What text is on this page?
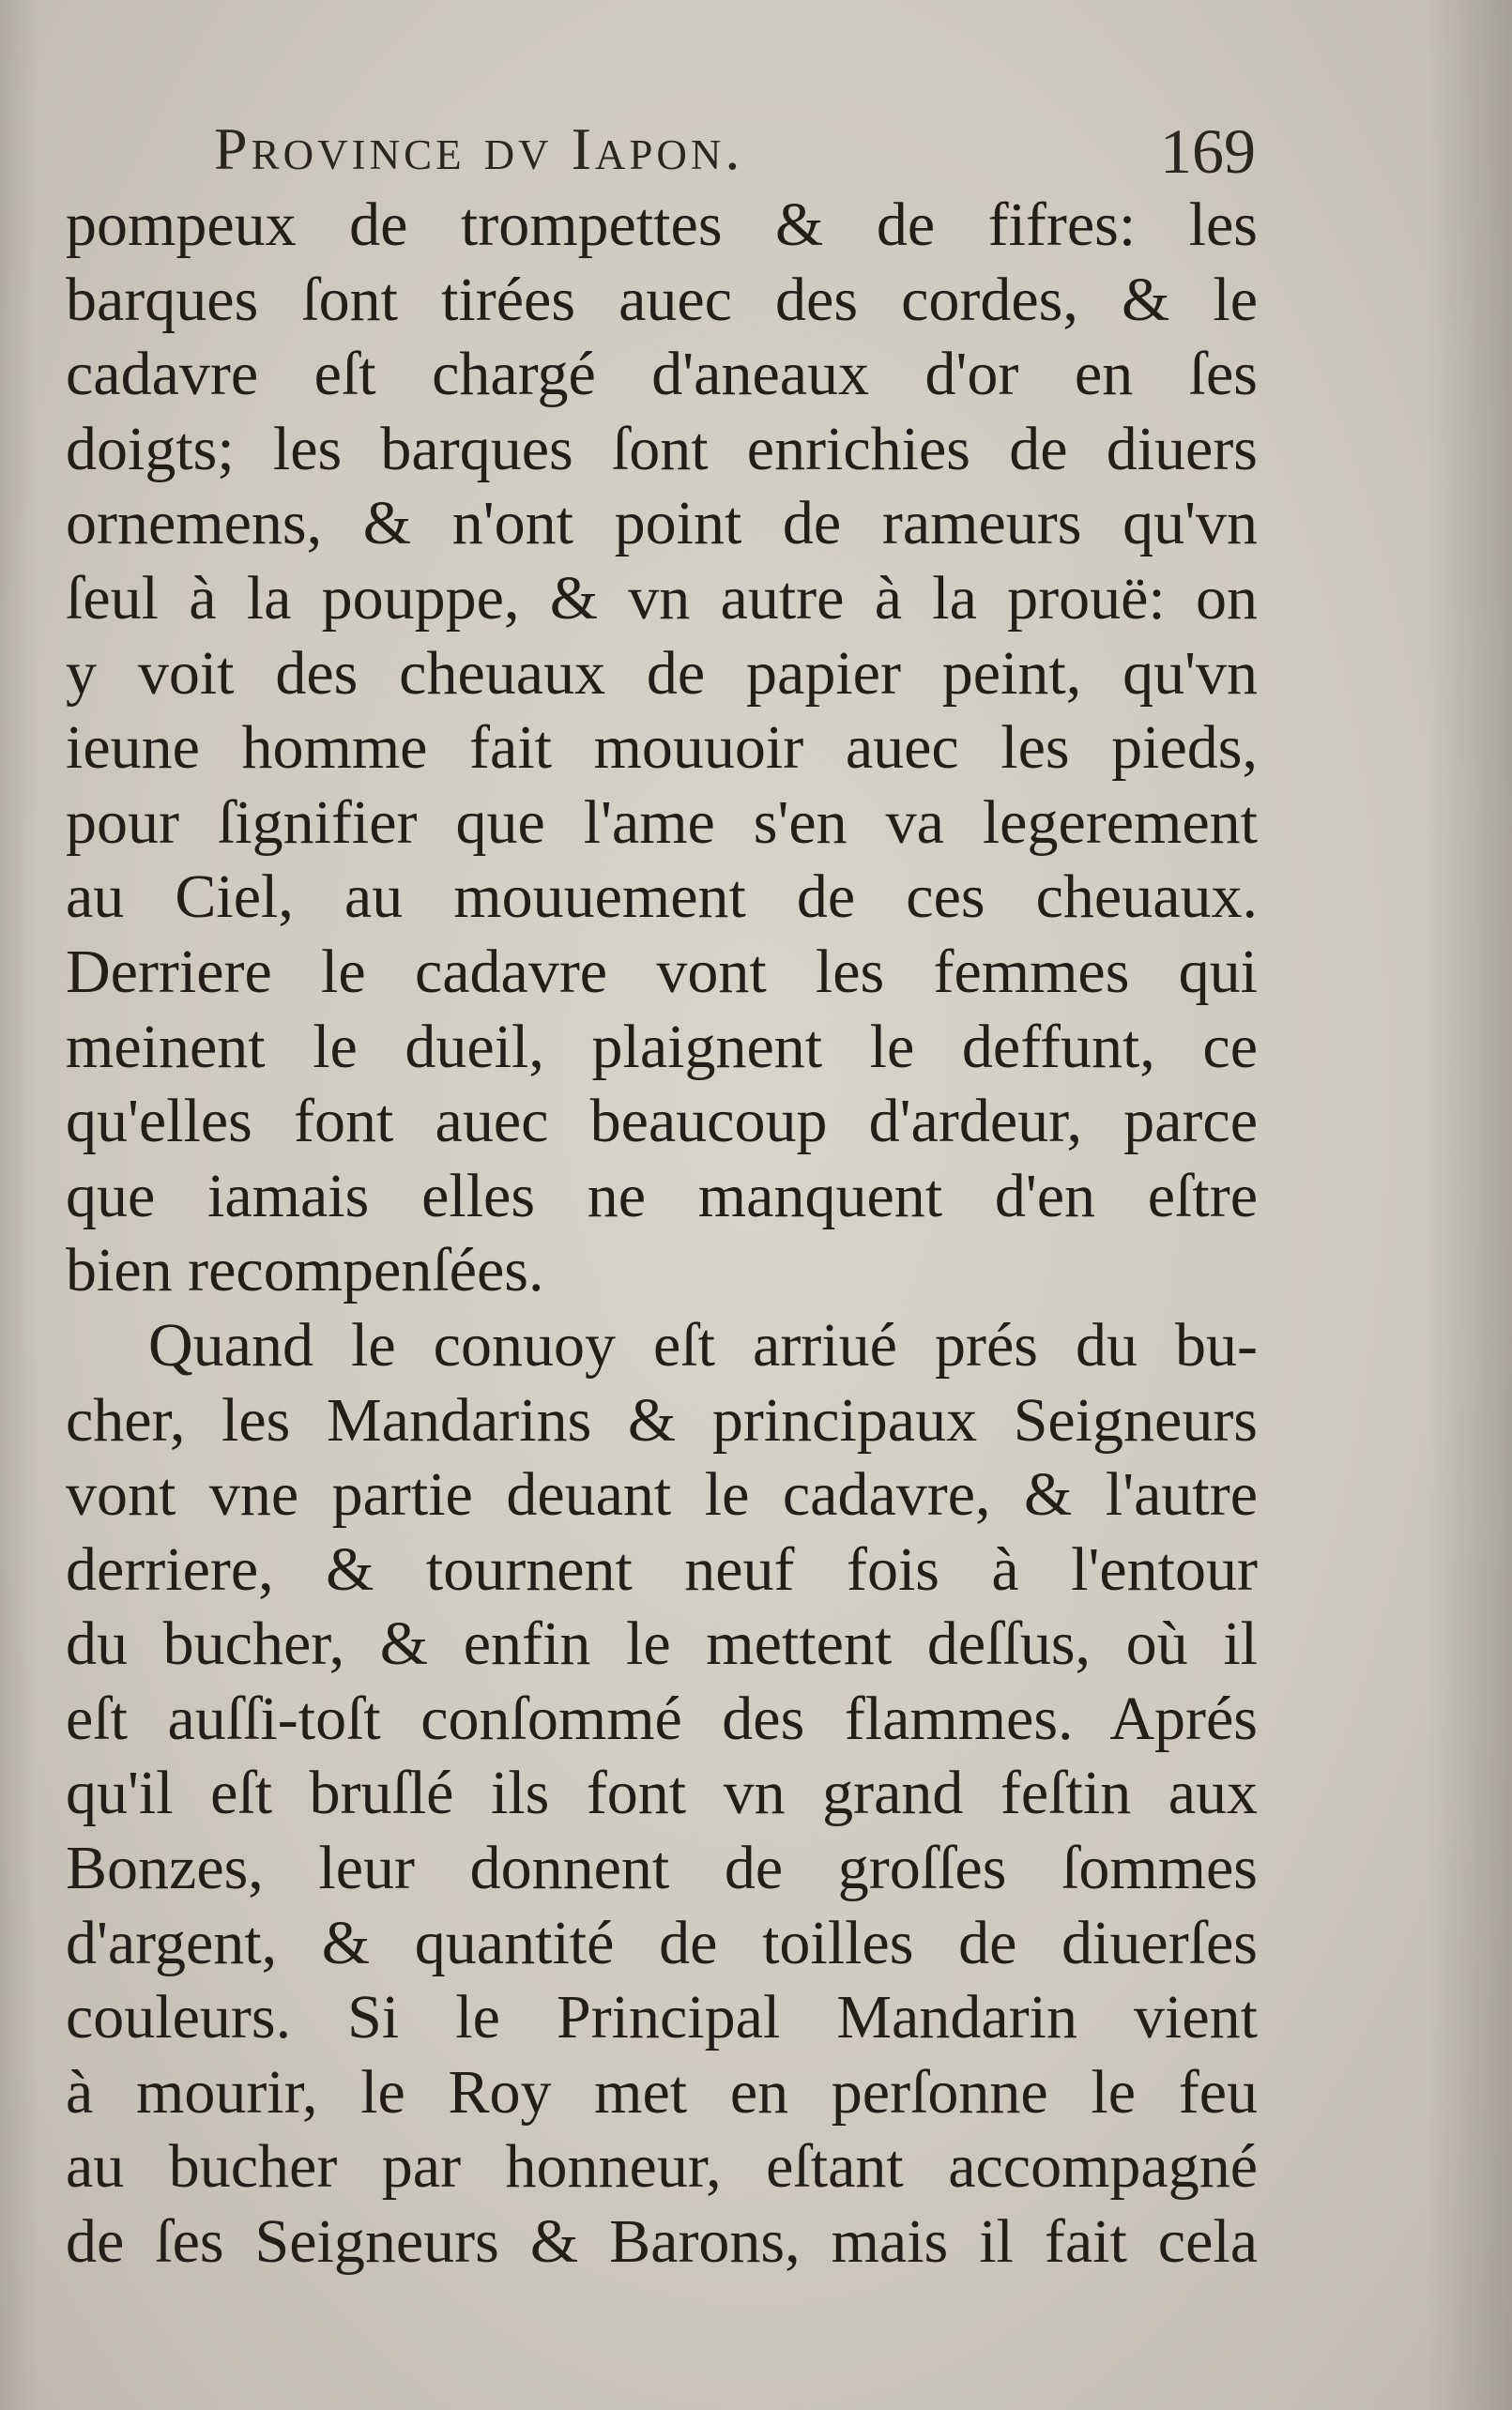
Province dv Iapon.	169
pompeux de trompettes & de fifres: les
barques ſont tirées auec des cordes, & le
cadavre eſt chargé d'aneaux d'or en ſes
doigts; les barques ſont enrichies de diuers
ornemens, & n'ont point de rameurs qu'vn
ſeul à la pouppe, & vn autre à la prouë: on
y voit des cheuaux de papier peint, qu'vn
ieune homme fait mouuoir auec les pieds,
pour ſignifier que l'ame s'en va legerement
au Ciel, au mouuement de ces cheuaux.
Derriere le cadavre vont les femmes qui
meinent le dueil, plaignent le deffunt, ce
qu'elles font auec beaucoup d'ardeur, parce
que iamais elles ne manquent d'en eſtre
bien recompenſées.
Quand le conuoy eſt arriué prés du bu-
cher, les Mandarins & principaux Seigneurs
vont vne partie deuant le cadavre, & l'autre
derriere, & tournent neuf fois à l'entour
du bucher, & enfin le mettent deſſus, où il
eſt auſſi-toſt conſommé des flammes. Aprés
qu'il eſt bruſlé ils font vn grand feſtin aux
Bonzes, leur donnent de groſſes ſommes
d'argent, & quantité de toilles de diuerſes
couleurs. Si le Principal Mandarin vient
à mourir, le Roy met en perſonne le feu
au bucher par honneur, eſtant accompagné
de ſes Seigneurs & Barons, mais il fait cela
